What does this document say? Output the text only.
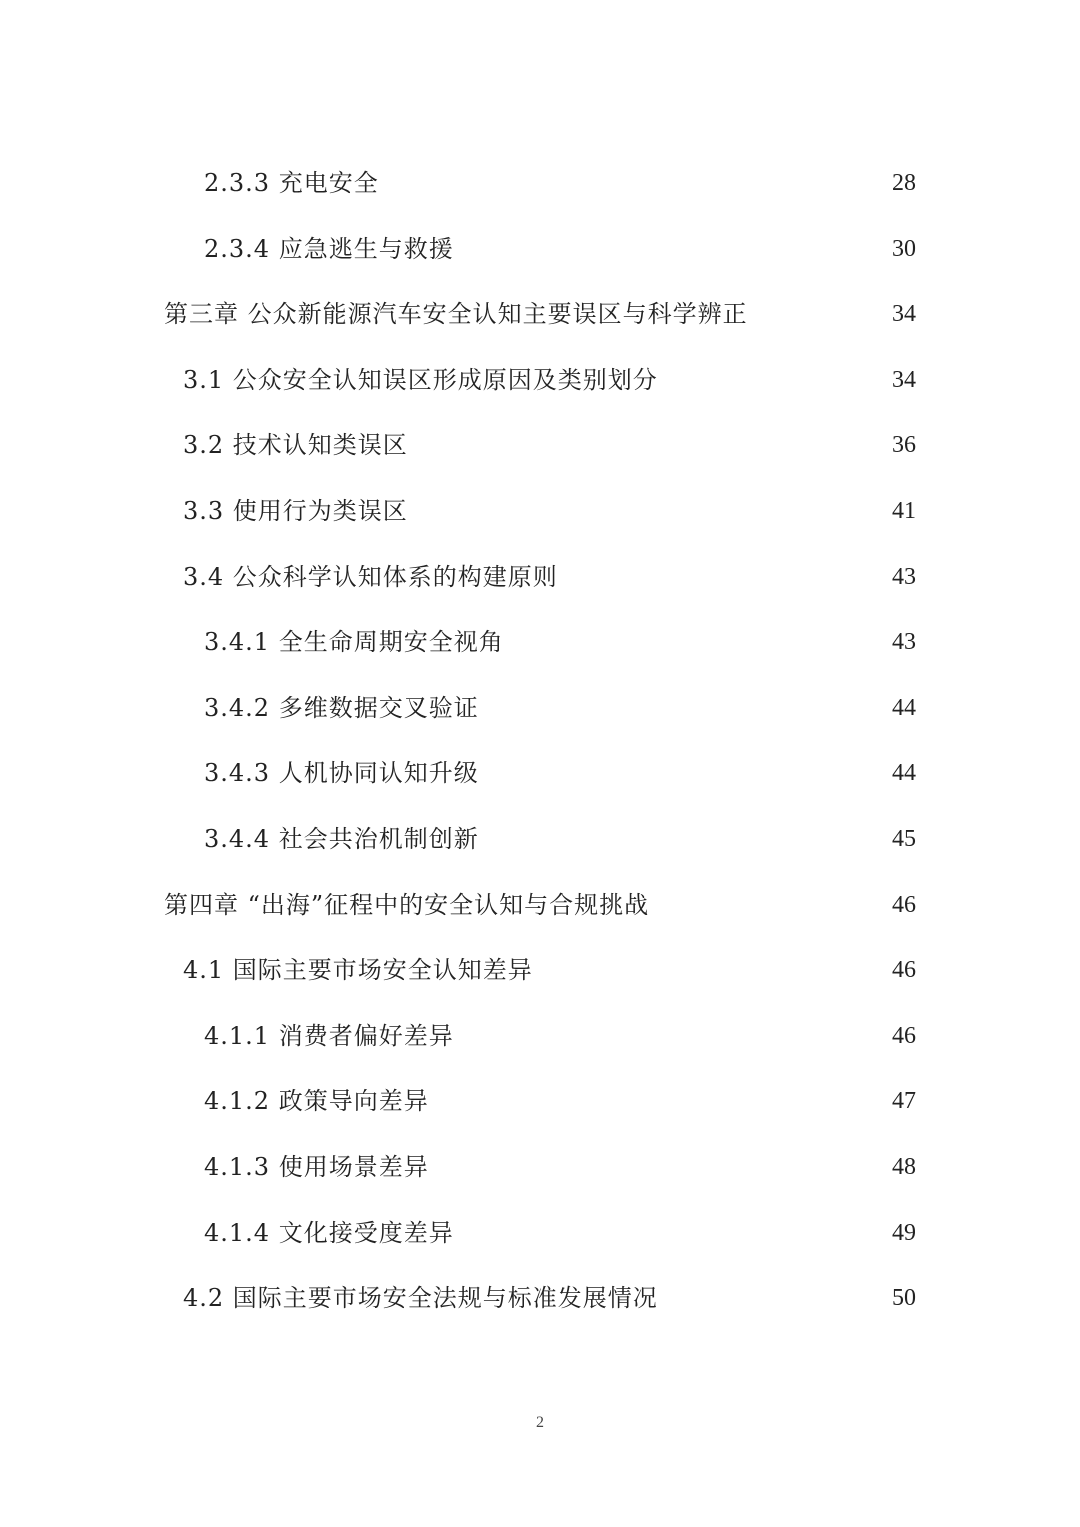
2.3.3 充电安全	28
2.3.4 应急逃生与救援	30
第三章 公众新能源汽车安全认知主要误区与科学辨正	34
3.1 公众安全认知误区形成原因及类别划分	34
3.2 技术认知类误区	36
3.3 使用行为类误区	41
3.4 公众科学认知体系的构建原则	43
3.4.1 全生命周期安全视角	43
3.4.2 多维数据交叉验证	44
3.4.3 人机协同认知升级	44
3.4.4 社会共治机制创新	45
第四章 “出海”征程中的安全认知与合规挑战	46
4.1 国际主要市场安全认知差异	46
4.1.1 消费者偏好差异	46
4.1.2 政策导向差异	47
4.1.3 使用场景差异	48
4.1.4 文化接受度差异	49
4.2 国际主要市场安全法规与标准发展情况	50
2
